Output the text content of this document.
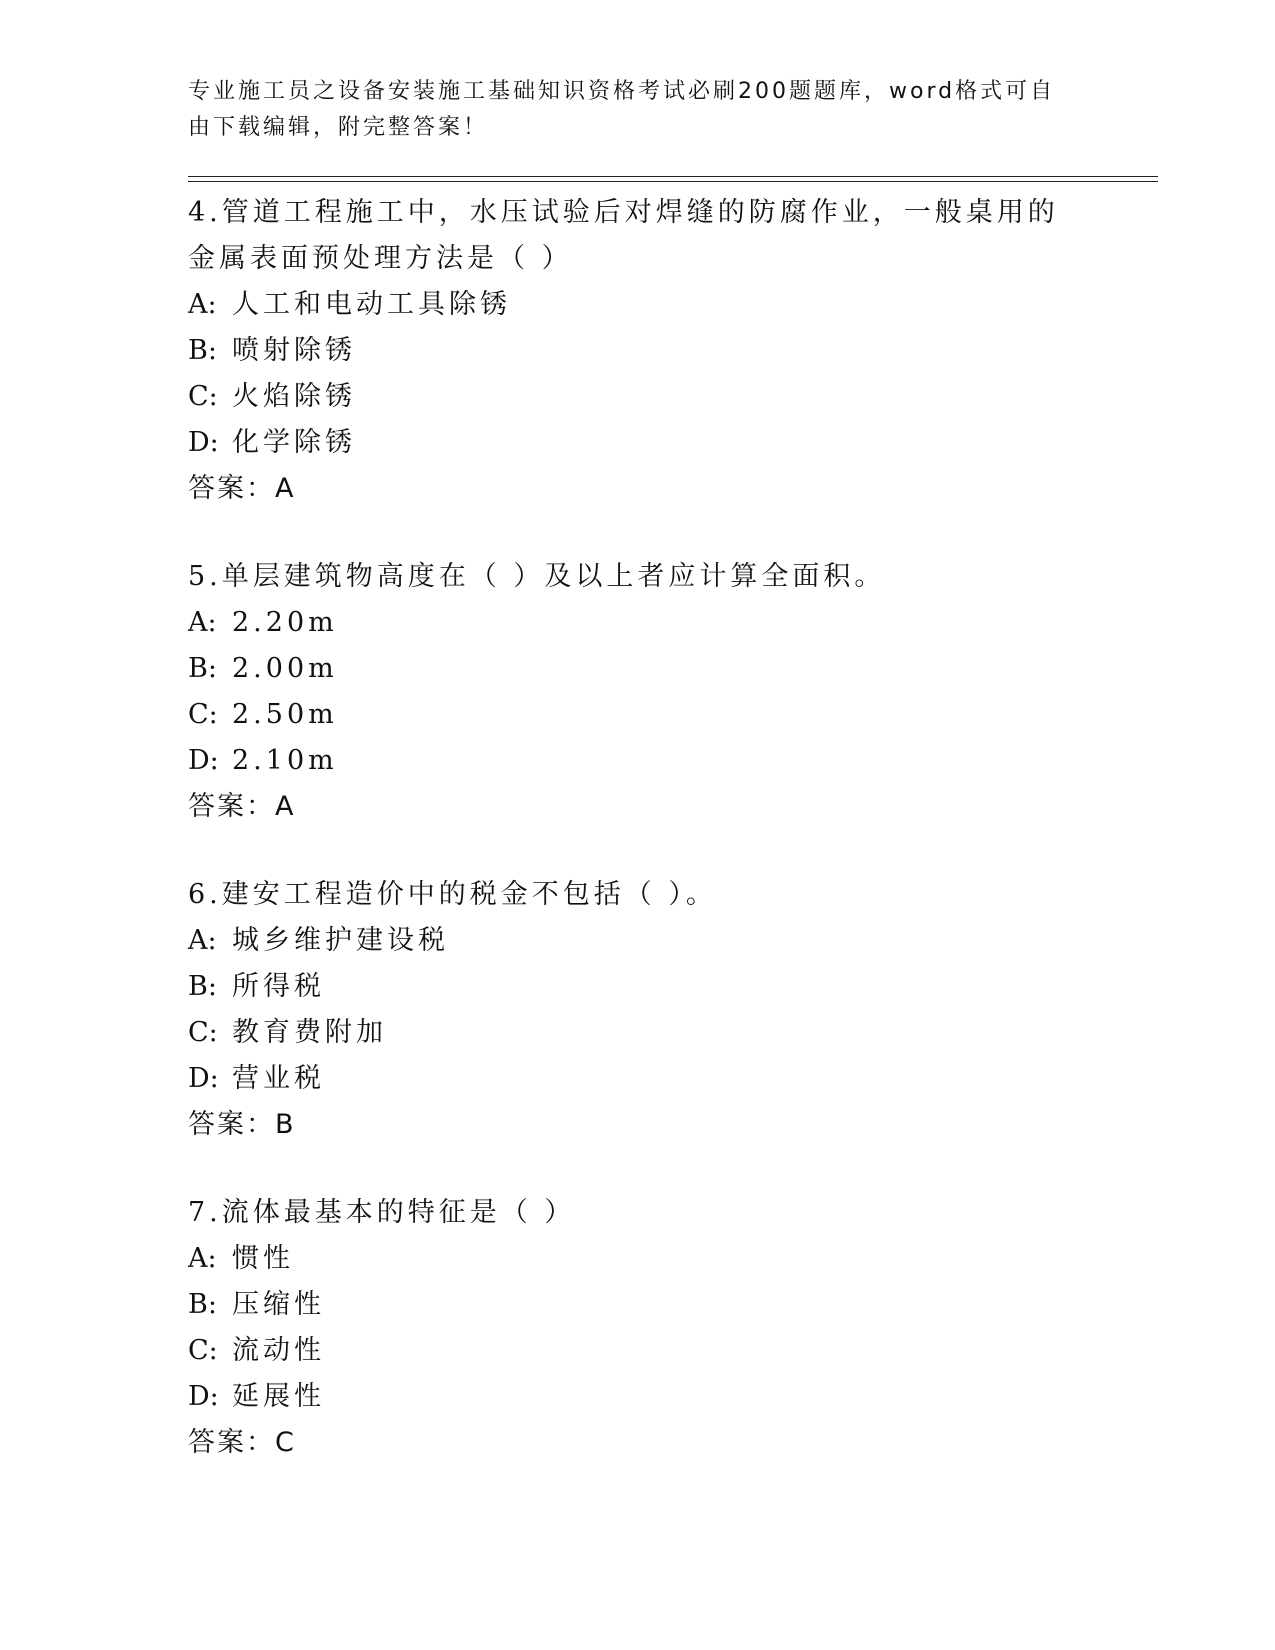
专业施工员之设备安装施工基础知识资格考试必刷200题题库，word格式可自由下载编辑，附完整答案！
4.管道工程施工中，水压试验后对焊缝的防腐作业，一般桌用的金属表面预处理方法是（ ）
A: 人工和电动工具除锈
B: 喷射除锈
C: 火焰除锈
D: 化学除锈
答案：A
5.单层建筑物高度在（ ）及以上者应计算全面积。
A: 2.20m
B: 2.00m
C: 2.50m
D: 2.10m
答案：A
6.建安工程造价中的税金不包括（ ）。
A: 城乡维护建设税
B: 所得税
C: 教育费附加
D: 营业税
答案：B
7.流体最基本的特征是（ ）
A: 惯性
B: 压缩性
C: 流动性
D: 延展性
答案：C
